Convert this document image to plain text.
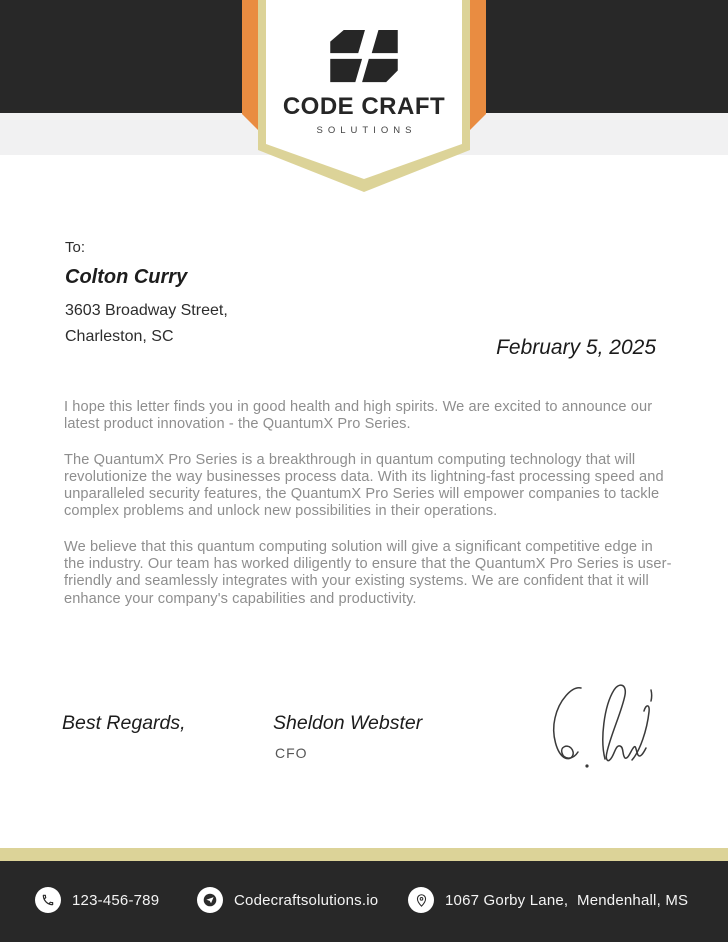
CODE CRAFT
SOLUTIONS
To:
Colton Curry
3603 Broadway Street,
Charleston, SC	February 5, 2025

I hope this letter finds you in good health and high spirits. We are excited to announce our latest product innovation - the QuantumX Pro Series.

The QuantumX Pro Series is a breakthrough in quantum computing technology that will revolutionize the way businesses process data. With its lightning-fast processing speed and unparalleled security features, the QuantumX Pro Series will empower companies to tackle complex problems and unlock new possibilities in their operations.

We believe that this quantum computing solution will give a significant competitive edge in the industry. Our team has worked diligently to ensure that the QuantumX Pro Series is user-friendly and seamlessly integrates with your existing systems. We are confident that it will enhance your company's capabilities and productivity.

Best Regards,	Sheldon Webster
CFO
123-456-789	Codecraftsolutions.io	1067 Gorby Lane,  Mendenhall, MS
